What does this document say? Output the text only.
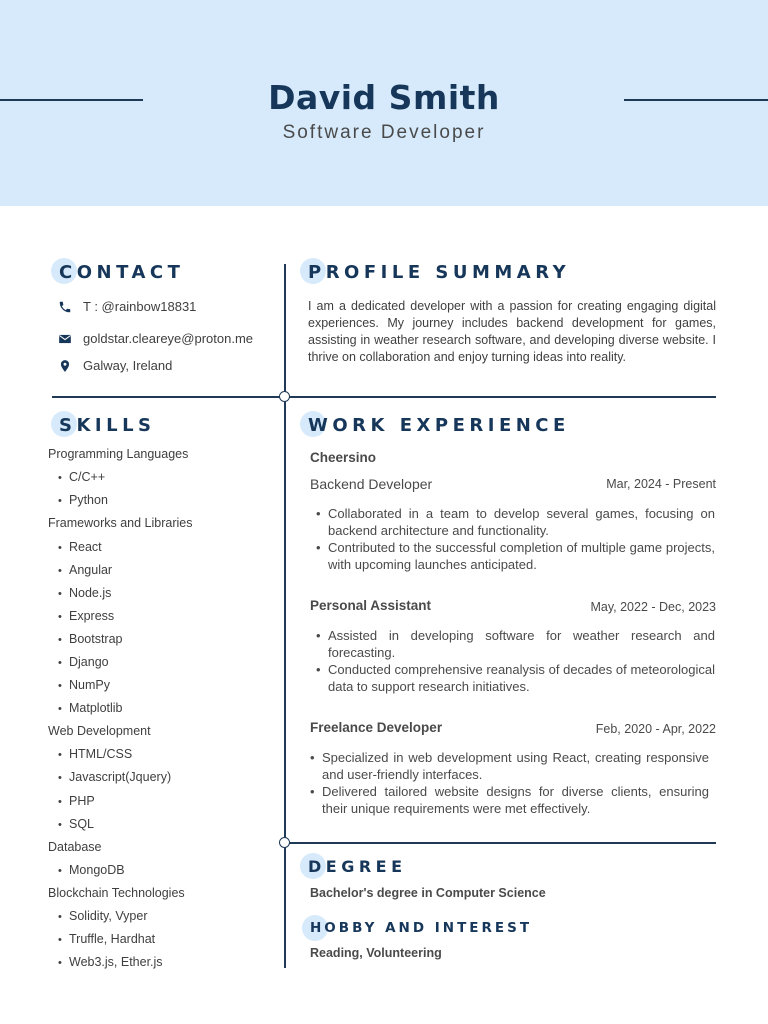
David Smith
Software Developer
CONTACT
T : @rainbow18831
goldstar.cleareye@proton.me
Galway, Ireland
PROFILE SUMMARY
I am a dedicated developer with a passion for creating engaging digital experiences. My journey includes backend development for games, assisting in weather research software, and developing diverse website. I thrive on collaboration and enjoy turning ideas into reality.
SKILLS
Programming Languages
• C/C++
• Python
Frameworks and Libraries
• React
• Angular
• Node.js
• Express
• Bootstrap
• Django
• NumPy
• Matplotlib
Web Development
• HTML/CSS
• Javascript(Jquery)
• PHP
• SQL
Database
• MongoDB
Blockchain Technologies
• Solidity, Vyper
• Truffle, Hardhat
• Web3.js, Ether.js
WORK EXPERIENCE
Cheersino
Backend Developer	Mar, 2024 - Present
• Collaborated in a team to develop several games, focusing on backend architecture and functionality.
• Contributed to the successful completion of multiple game projects, with upcoming launches anticipated.
Personal Assistant	May, 2022 - Dec, 2023
• Assisted in developing software for weather research and forecasting.
• Conducted comprehensive reanalysis of decades of meteorological data to support research initiatives.
Freelance Developer	Feb, 2020 - Apr, 2022
• Specialized in web development using React, creating responsive and user-friendly interfaces.
• Delivered tailored website designs for diverse clients, ensuring their unique requirements were met effectively.
DEGREE
Bachelor's degree in Computer Science
HOBBY AND INTEREST
Reading, Volunteering
